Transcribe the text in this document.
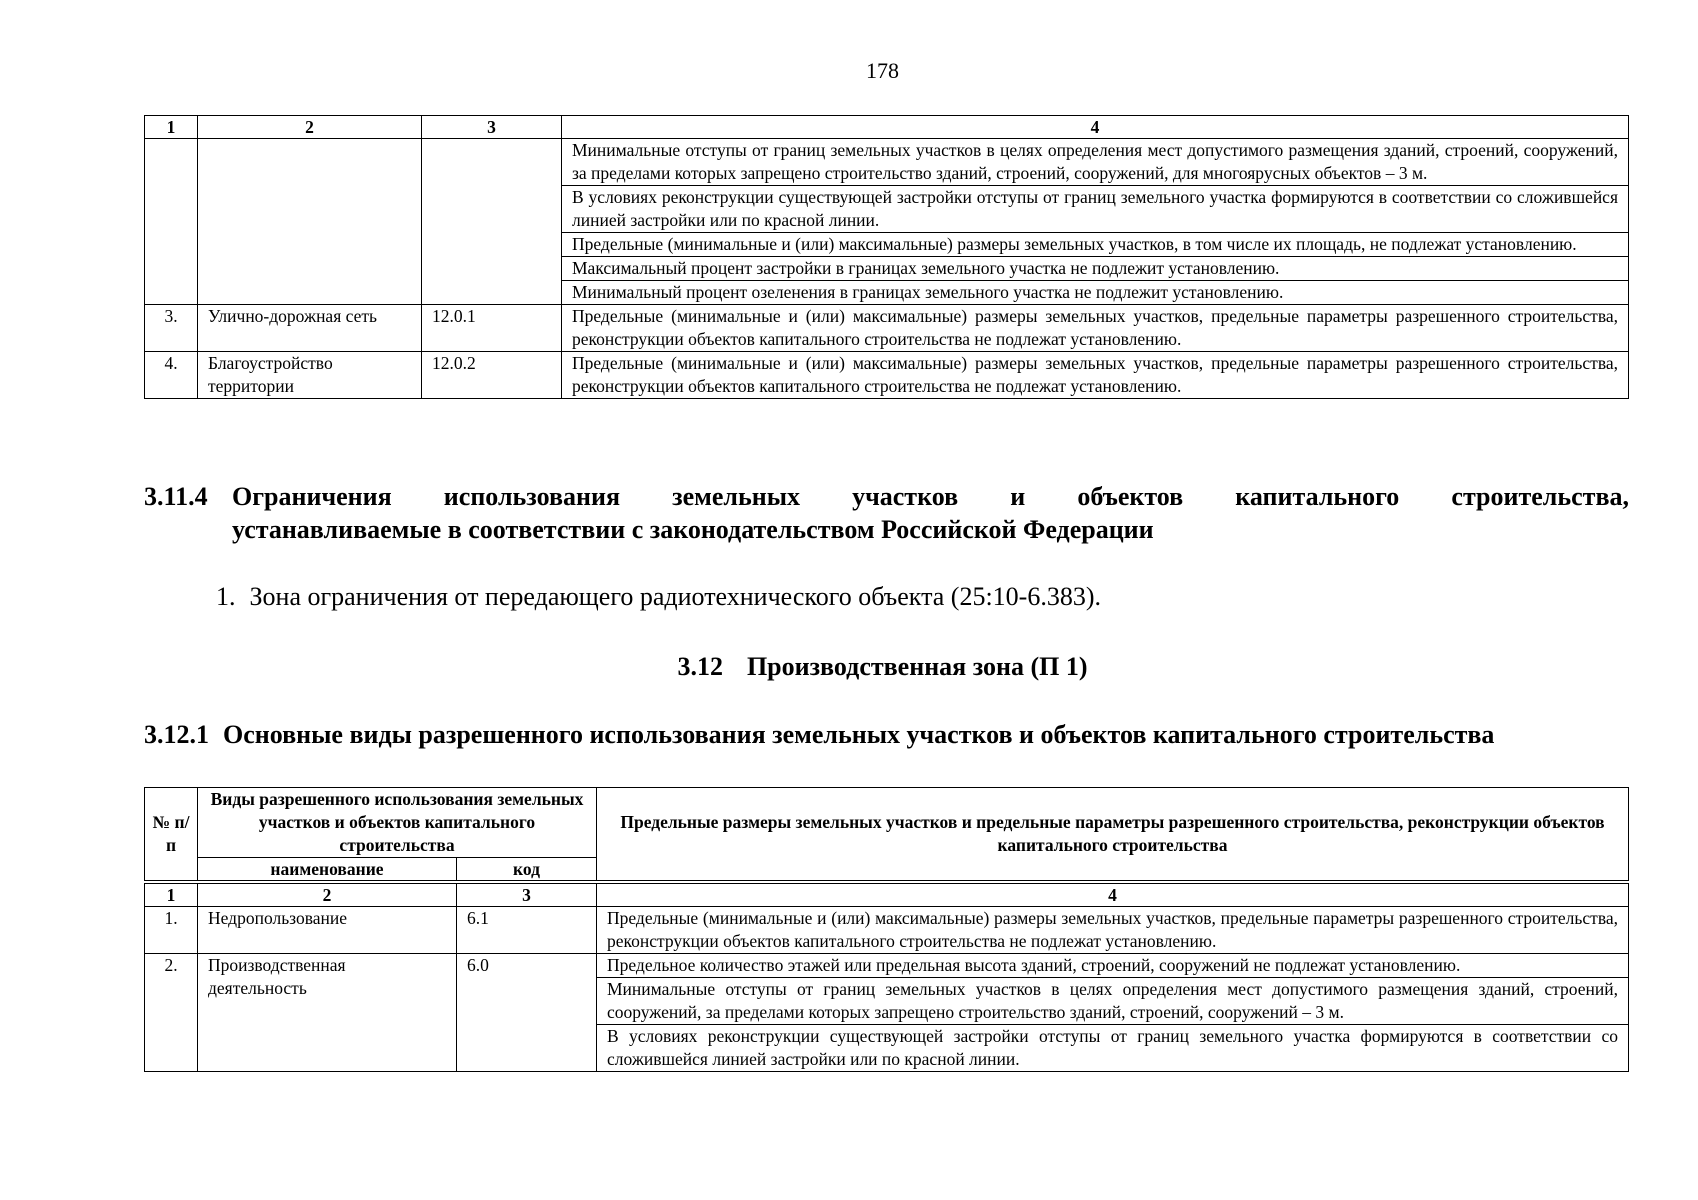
178
1	2	3	4
			Минимальные отступы от границ земельных участков в целях определения мест допустимого размещения зданий, строений, сооружений, за пределами которых запрещено строительство зданий, строений, сооружений, для многоярусных объектов – 3 м.
			В условиях реконструкции существующей застройки отступы от границ земельного участка формируются в соответствии со сложившейся линией застройки или по красной линии.
			Предельные (минимальные и (или) максимальные) размеры земельных участков, в том числе их площадь, не подлежат установлению.
			Максимальный процент застройки в границах земельного участка не подлежит установлению.
			Минимальный процент озеленения в границах земельного участка не подлежит установлению.
3.	Улично-дорожная сеть	12.0.1	Предельные (минимальные и (или) максимальные) размеры земельных участков, предельные параметры разрешенного строительства, реконструкции объектов капитального строительства не подлежат установлению.
4.	Благоустройство территории	12.0.2	Предельные (минимальные и (или) максимальные) размеры земельных участков, предельные параметры разрешенного строительства, реконструкции объектов капитального строительства не подлежат установлению.
3.11.4 Ограничения использования земельных участков и объектов капитального строительства,
устанавливаемые в соответствии с законодательством Российской Федерации
1. Зона ограничения от передающего радиотехнического объекта (25:10-6.383).
3.12 Производственная зона (П 1)
3.12.1 Основные виды разрешенного использования земельных участков и объектов капитального строительства
№ п/п	Виды разрешенного использования земельных участков и объектов капитального строительства		Предельные размеры земельных участков и предельные параметры разрешенного строительства, реконструкции объектов капитального строительства
	наименование	код	
1	2	3	4
1.	Недропользование	6.1	Предельные (минимальные и (или) максимальные) размеры земельных участков, предельные параметры разрешенного строительства, реконструкции объектов капитального строительства не подлежат установлению.
2.	Производственная деятельность	6.0	Предельное количество этажей или предельная высота зданий, строений, сооружений не подлежат установлению.
			Минимальные отступы от границ земельных участков в целях определения мест допустимого размещения зданий, строений, сооружений, за пределами которых запрещено строительство зданий, строений, сооружений – 3 м.
			В условиях реконструкции существующей застройки отступы от границ земельного участка формируются в соответствии со сложившейся линией застройки или по красной линии.
